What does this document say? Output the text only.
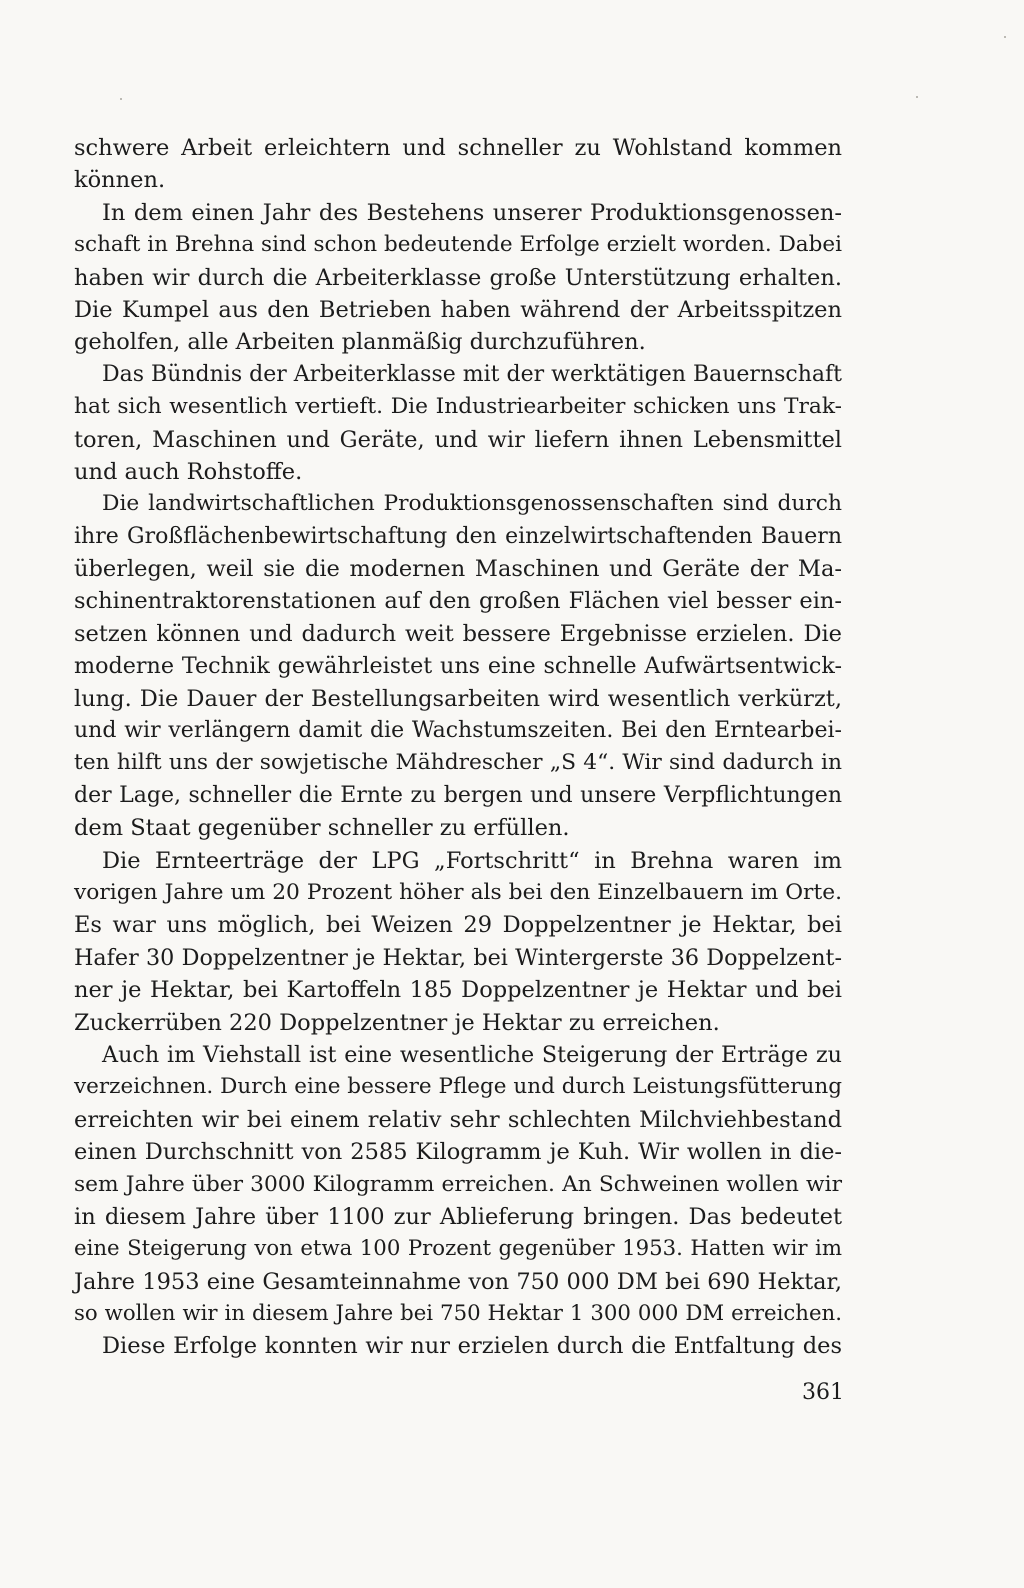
schwere Arbeit erleichtern und schneller zu Wohlstand kommen
können.
In dem einen Jahr des Bestehens unserer Produktionsgenossen-
schaft in Brehna sind schon bedeutende Erfolge erzielt worden. Dabei
haben wir durch die Arbeiterklasse große Unterstützung erhalten.
Die Kumpel aus den Betrieben haben während der Arbeitsspitzen
geholfen, alle Arbeiten planmäßig durchzuführen.
Das Bündnis der Arbeiterklasse mit der werktätigen Bauernschaft
hat sich wesentlich vertieft. Die Industriearbeiter schicken uns Trak-
toren, Maschinen und Geräte, und wir liefern ihnen Lebensmittel
und auch Rohstoffe.
Die landwirtschaftlichen Produktionsgenossenschaften sind durch
ihre Großflächenbewirtschaftung den einzelwirtschaftenden Bauern
überlegen, weil sie die modernen Maschinen und Geräte der Ma-
schinentraktorenstationen auf den großen Flächen viel besser ein-
setzen können und dadurch weit bessere Ergebnisse erzielen. Die
moderne Technik gewährleistet uns eine schnelle Aufwärtsentwick-
lung. Die Dauer der Bestellungsarbeiten wird wesentlich verkürzt,
und wir verlängern damit die Wachstumszeiten. Bei den Erntearbei-
ten hilft uns der sowjetische Mähdrescher „S 4“. Wir sind dadurch in
der Lage, schneller die Ernte zu bergen und unsere Verpflichtungen
dem Staat gegenüber schneller zu erfüllen.
Die Ernteerträge der LPG „Fortschritt“ in Brehna waren im
vorigen Jahre um 20 Prozent höher als bei den Einzelbauern im Orte.
Es war uns möglich, bei Weizen 29 Doppelzentner je Hektar, bei
Hafer 30 Doppelzentner je Hektar, bei Wintergerste 36 Doppelzent-
ner je Hektar, bei Kartoffeln 185 Doppelzentner je Hektar und bei
Zuckerrüben 220 Doppelzentner je Hektar zu erreichen.
Auch im Viehstall ist eine wesentliche Steigerung der Erträge zu
verzeichnen. Durch eine bessere Pflege und durch Leistungsfütterung
erreichten wir bei einem relativ sehr schlechten Milchviehbestand
einen Durchschnitt von 2585 Kilogramm je Kuh. Wir wollen in die-
sem Jahre über 3000 Kilogramm erreichen. An Schweinen wollen wir
in diesem Jahre über 1100 zur Ablieferung bringen. Das bedeutet
eine Steigerung von etwa 100 Prozent gegenüber 1953. Hatten wir im
Jahre 1953 eine Gesamteinnahme von 750 000 DM bei 690 Hektar,
so wollen wir in diesem Jahre bei 750 Hektar 1 300 000 DM erreichen.
Diese Erfolge konnten wir nur erzielen durch die Entfaltung des
361
